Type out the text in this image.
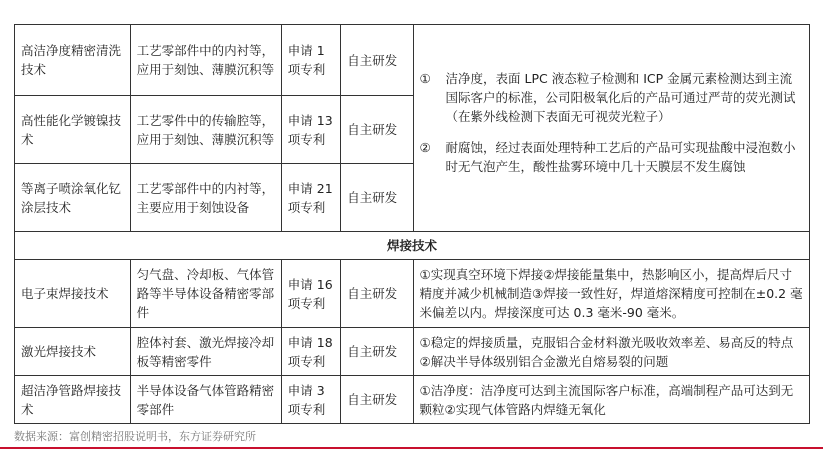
高洁净度精密清洗技术	工艺零部件中的内衬等，应用于刻蚀、薄膜沉积等	申请 1 项专利	自主研发	① 洁净度，表面 LPC 液态粒子检测和 ICP 金属元素检测达到主流国际客户的标准，公司阳极氧化后的产品可通过严苛的荧光测试（在紫外线检测下表面无可视荧光粒子）
② 耐腐蚀，经过表面处理特种工艺后的产品可实现盐酸中浸泡数小时无气泡产生，酸性盐雾环境中几十天膜层不发生腐蚀

高性能化学镀镍技术	工艺零件中的传输腔等，应用于刻蚀、薄膜沉积等	申请 13 项专利	自主研发	
等离子喷涂氧化钇涂层技术	工艺零部件中的内衬等，主要应用于刻蚀设备	申请 21 项专利	自主研发	
焊接技术				
电子束焊接技术	匀气盘、冷却板、气体管路等半导体设备精密零部件	申请 16 项专利	自主研发	①实现真空环境下焊接②焊接能量集中，热影响区小，提高焊后尺寸精度并减少机械制造③焊接一致性好，焊道熔深精度可控制在±0.2 毫米偏差以内。焊接深度可达 0.3 毫米-90 毫米。
激光焊接技术	腔体衬套、激光焊接冷却板等精密零件	申请 18 项专利	自主研发	①稳定的焊接质量，克服铝合金材料激光吸收效率差、易高反的特点②解决半导体级别铝合金激光自熔易裂的问题
超洁净管路焊接技术	半导体设备气体管路精密零部件	申请 3 项专利	自主研发	①洁净度：洁净度可达到主流国际客户标准，高端制程产品可达到无颗粒②实现气体管路内焊缝无氧化
数据来源：富创精密招股说明书，东方证券研究所
